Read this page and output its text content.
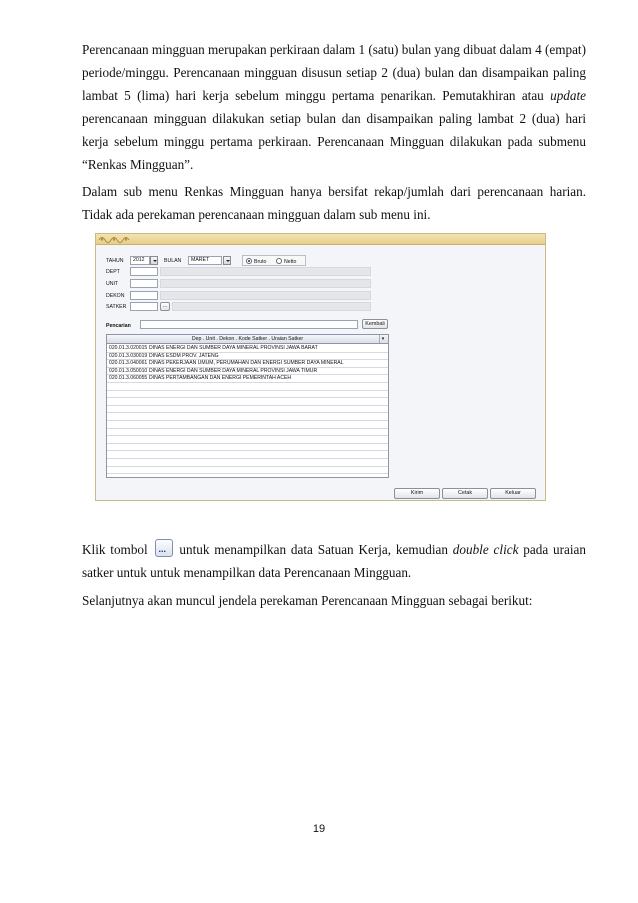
Perencanaan mingguan merupakan perkiraan dalam 1 (satu) bulan yang dibuat dalam 4 (empat) periode/minggu. Perencanaan mingguan disusun setiap 2 (dua) bulan dan disampaikan paling lambat 5 (lima) hari kerja sebelum minggu pertama penarikan. Pemutakhiran atau update perencanaan mingguan dilakukan setiap bulan dan disampaikan paling lambat 2 (dua) hari kerja sebelum minggu pertama perkiraan. Perencanaan Mingguan dilakukan pada submenu “Renkas Mingguan”.
Dalam sub menu Renkas Mingguan hanya bersifat rekap/jumlah dari perencanaan harian. Tidak ada perekaman perencanaan mingguan dalam sub menu ini.
TAHUN	2012	BULAN	MARET	Bruto	Netto
DEPT
UNIT
DEKON
SATKER	...
Pencarian	Kembali
Dep . Unit . Dekon . Kode Satker . Uraian Satker	▾
020.01.3.020015 DINAS ENERGI DAN SUMBER DAYA MINERAL PROVINSI JAWA BARAT
020.01.3.030019 DINAS ESDM PROV. JATENG
020.01.3.040061 DINAS PEKERJAAN UMUM, PERUMAHAN DAN ENERGI SUMBER DAYA MINERAL
020.01.3.050010 DINAS ENERGI DAN SUMBER DAYA MINERAL PROVINSI JAWA TIMUR
020.01.3.060055 DINAS PERTAMBANGAN DAN ENERGI PEMERINTAH ACEH
Kirim	Cetak	Keluar
Klik tombol ... untuk menampilkan data Satuan Kerja, kemudian double click pada uraian satker untuk untuk menampilkan data Perencanaan Mingguan.
Selanjutnya akan muncul jendela perekaman Perencanaan Mingguan sebagai berikut:
19
